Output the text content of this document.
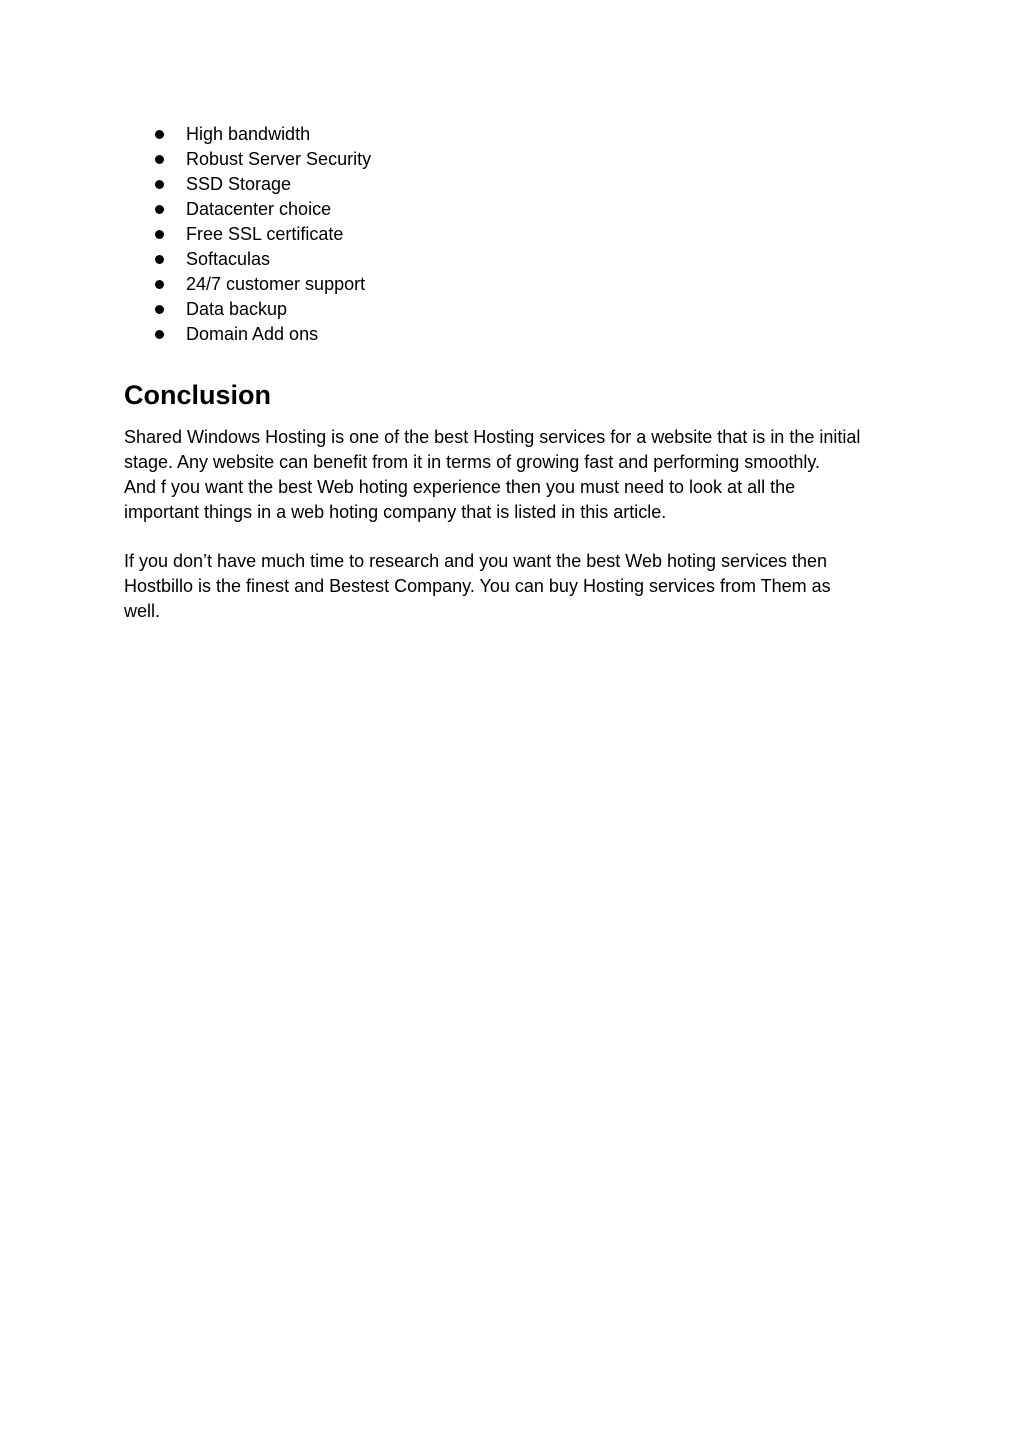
High bandwidth
Robust Server Security
SSD Storage
Datacenter choice
Free SSL certificate
Softaculas
24/7 customer support
Data backup
Domain Add ons
Conclusion

Shared Windows Hosting is one of the best Hosting services for a website that is in the initial
stage. Any website can benefit from it in terms of growing fast and performing smoothly.
And f you want the best Web hoting experience then you must need to look at all the
important things in a web hoting company that is listed in this article.

If you don’t have much time to research and you want the best Web hoting services then
Hostbillo is the finest and Bestest Company. You can buy Hosting services from Them as
well.
